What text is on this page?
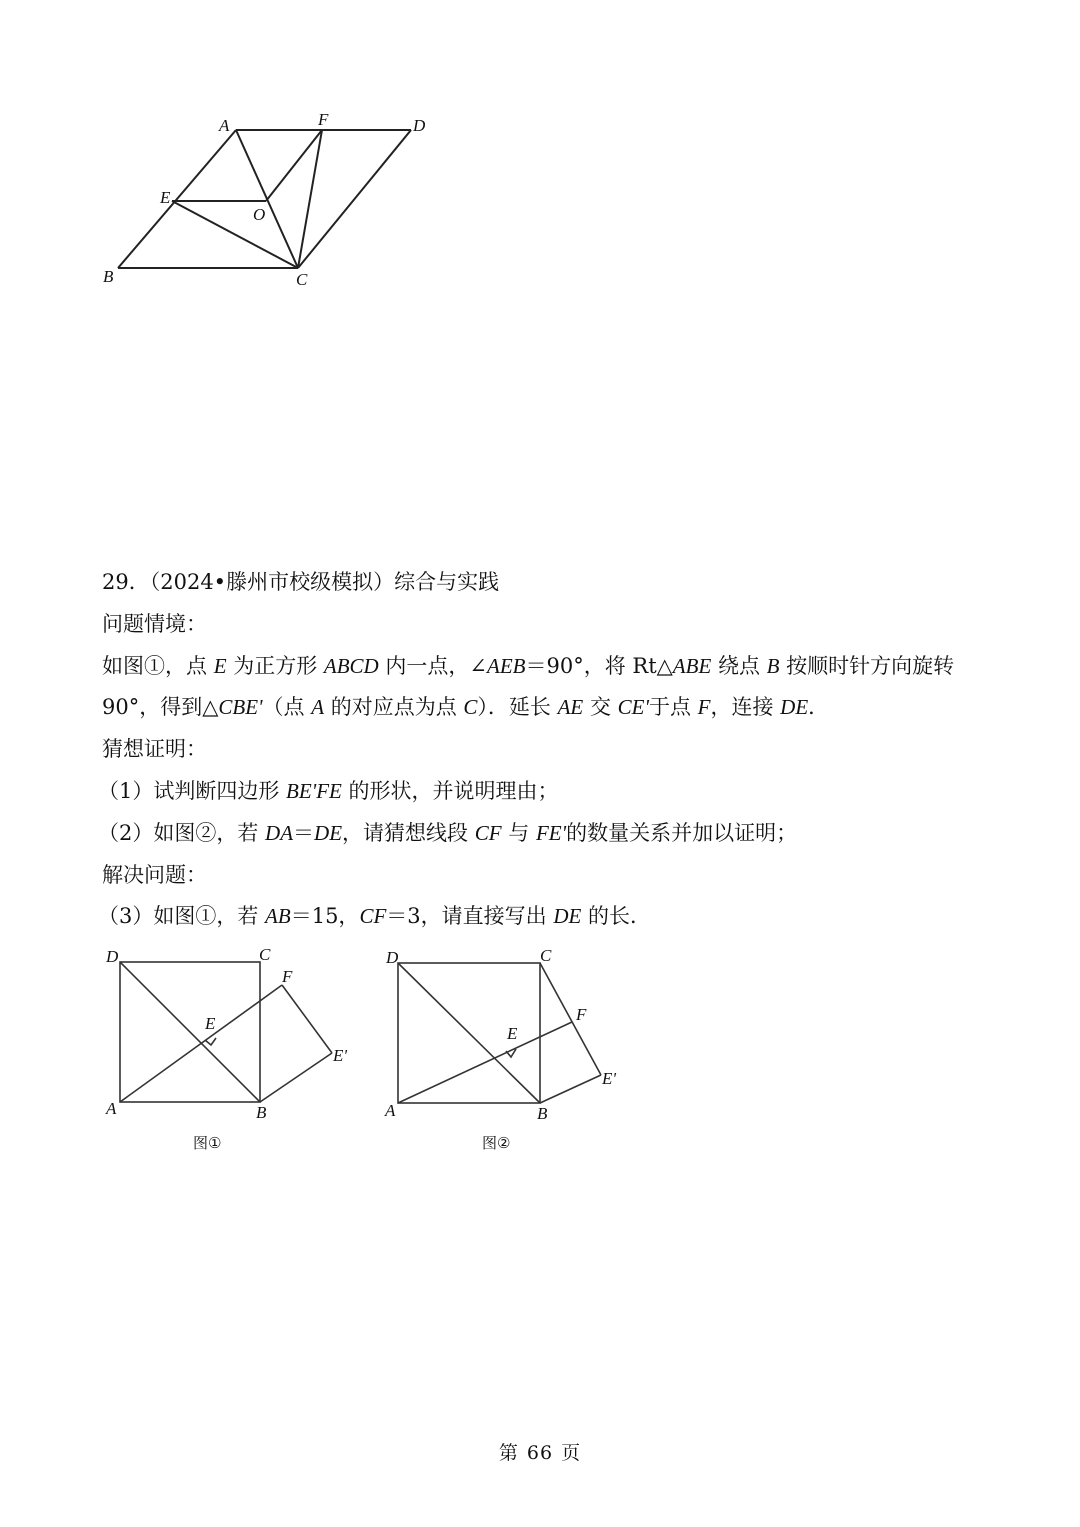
A	F	D
E
O
B	C
29．（2024•滕州市校级模拟）综合与实践
问题情境：
如图①，点 E 为正方形 ABCD 内一点，∠AEB＝90°，将 Rt△ABE 绕点 B 按顺时针方向旋转
90°，得到△CBE'（点 A 的对应点为点 C）．延长 AE 交 CE'于点 F，连接 DE．
猜想证明：
（1）试判断四边形 BE'FE 的形状，并说明理由；
（2）如图②，若 DA＝DE，请猜想线段 CF 与 FE'的数量关系并加以证明；
解决问题：
（3）如图①，若 AB＝15，CF＝3，请直接写出 DE 的长．
D	C
F
E
E'
A	B
图①
D	C
F
E
E'
A	B
图②
第 66 页
